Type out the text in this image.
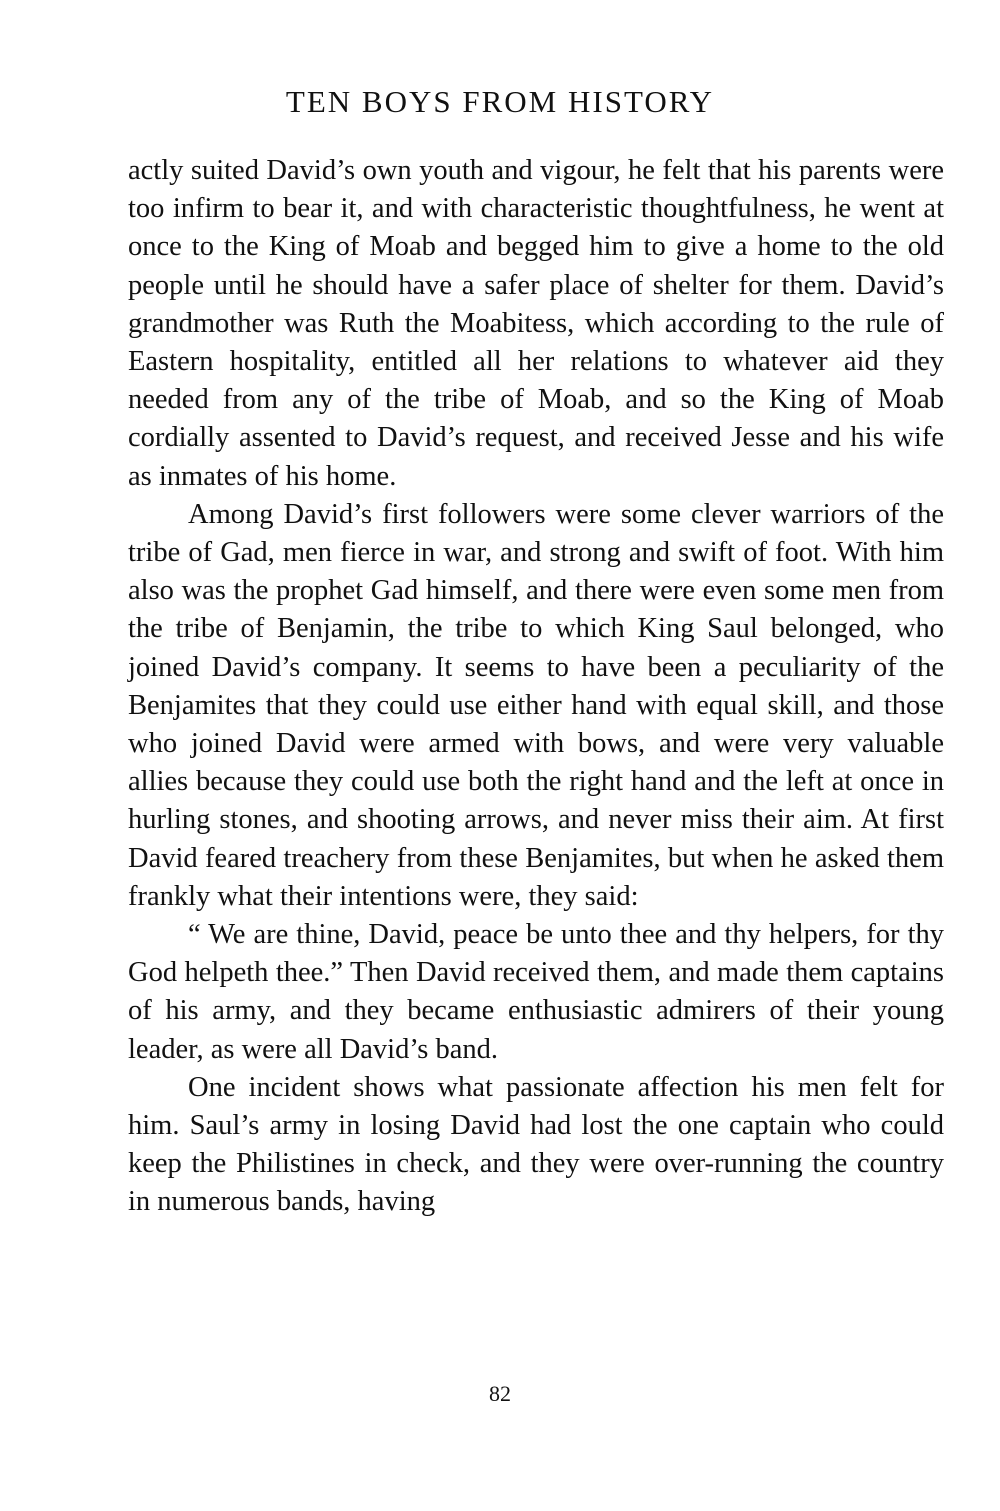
TEN BOYS FROM HISTORY

actly suited David’s own youth and vigour, he felt that his parents were too infirm to bear it, and with characteristic thoughtfulness, he went at once to the King of Moab and begged him to give a home to the old people until he should have a safer place of shelter for them. David’s grandmother was Ruth the Moabitess, which according to the rule of Eastern hospitality, entitled all her relations to whatever aid they needed from any of the tribe of Moab, and so the King of Moab cordially assented to David’s request, and received Jesse and his wife as inmates of his home.

Among David’s first followers were some clever warriors of the tribe of Gad, men fierce in war, and strong and swift of foot. With him also was the prophet Gad himself, and there were even some men from the tribe of Benjamin, the tribe to which King Saul belonged, who joined David’s company. It seems to have been a peculiarity of the Benjamites that they could use either hand with equal skill, and those who joined David were armed with bows, and were very valuable allies because they could use both the right hand and the left at once in hurling stones, and shooting arrows, and never miss their aim. At first David feared treachery from these Benjamites, but when he asked them frankly what their intentions were, they said:

“ We are thine, David, peace be unto thee and thy helpers, for thy God helpeth thee.” Then David received them, and made them captains of his army, and they became enthusiastic admirers of their young leader, as were all David’s band.

One incident shows what passionate affection his men felt for him. Saul’s army in losing David had lost the one captain who could keep the Philistines in check, and they were over-running the country in numerous bands, having

82
